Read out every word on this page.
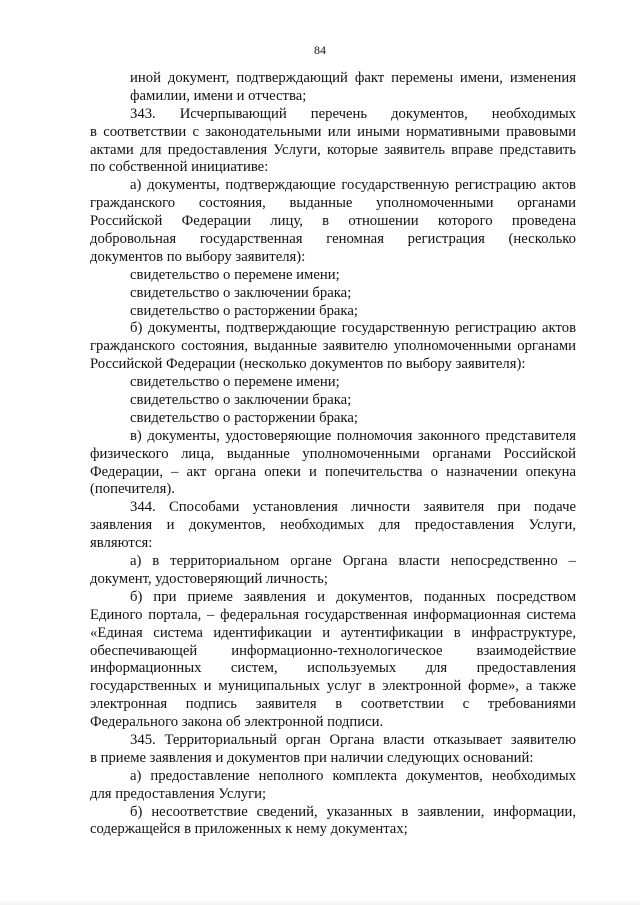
84
иной документ, подтверждающий факт перемены имени, изменения
фамилии, имени и отчества;
343. Исчерпывающий перечень документов, необходимых
в соответствии с законодательными или иными нормативными правовыми
актами для предоставления Услуги, которые заявитель вправе представить
по собственной инициативе:
а) документы, подтверждающие государственную регистрацию актов
гражданского состояния, выданные уполномоченными органами
Российской Федерации лицу, в отношении которого проведена
добровольная государственная геномная регистрация (несколько
документов по выбору заявителя):
свидетельство о перемене имени;
свидетельство о заключении брака;
свидетельство о расторжении брака;
б) документы, подтверждающие государственную регистрацию актов
гражданского состояния, выданные заявителю уполномоченными органами
Российской Федерации (несколько документов по выбору заявителя):
свидетельство о перемене имени;
свидетельство о заключении брака;
свидетельство о расторжении брака;
в) документы, удостоверяющие полномочия законного представителя
физического лица, выданные уполномоченными органами Российской
Федерации, – акт органа опеки и попечительства о назначении опекуна
(попечителя).
344. Способами установления личности заявителя при подаче
заявления и документов, необходимых для предоставления Услуги,
являются:
а) в территориальном органе Органа власти непосредственно –
документ, удостоверяющий личность;
б) при приеме заявления и документов, поданных посредством
Единого портала, – федеральная государственная информационная система
«Единая система идентификации и аутентификации в инфраструктуре,
обеспечивающей информационно-технологическое взаимодействие
информационных систем, используемых для предоставления
государственных и муниципальных услуг в электронной форме», а также
электронная подпись заявителя в соответствии с требованиями
Федерального закона об электронной подписи.
345. Территориальный орган Органа власти отказывает заявителю
в приеме заявления и документов при наличии следующих оснований:
а) предоставление неполного комплекта документов, необходимых
для предоставления Услуги;
б) несоответствие сведений, указанных в заявлении, информации,
содержащейся в приложенных к нему документах;
